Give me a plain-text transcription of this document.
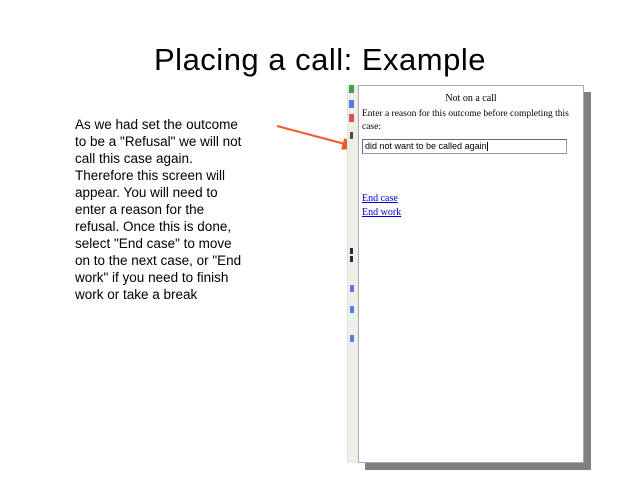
Placing a call: Example
As we had set the outcome
to be a "Refusal" we will not
call this case again.
Therefore this screen will
appear. You will need to
enter a reason for the
refusal. Once this is done,
select "End case" to move
on to the next case, or "End
work" if you need to finish
work or take a break
Not on a call
Enter a reason for this outcome before completing this case:
did not want to be called again
End case
End work
